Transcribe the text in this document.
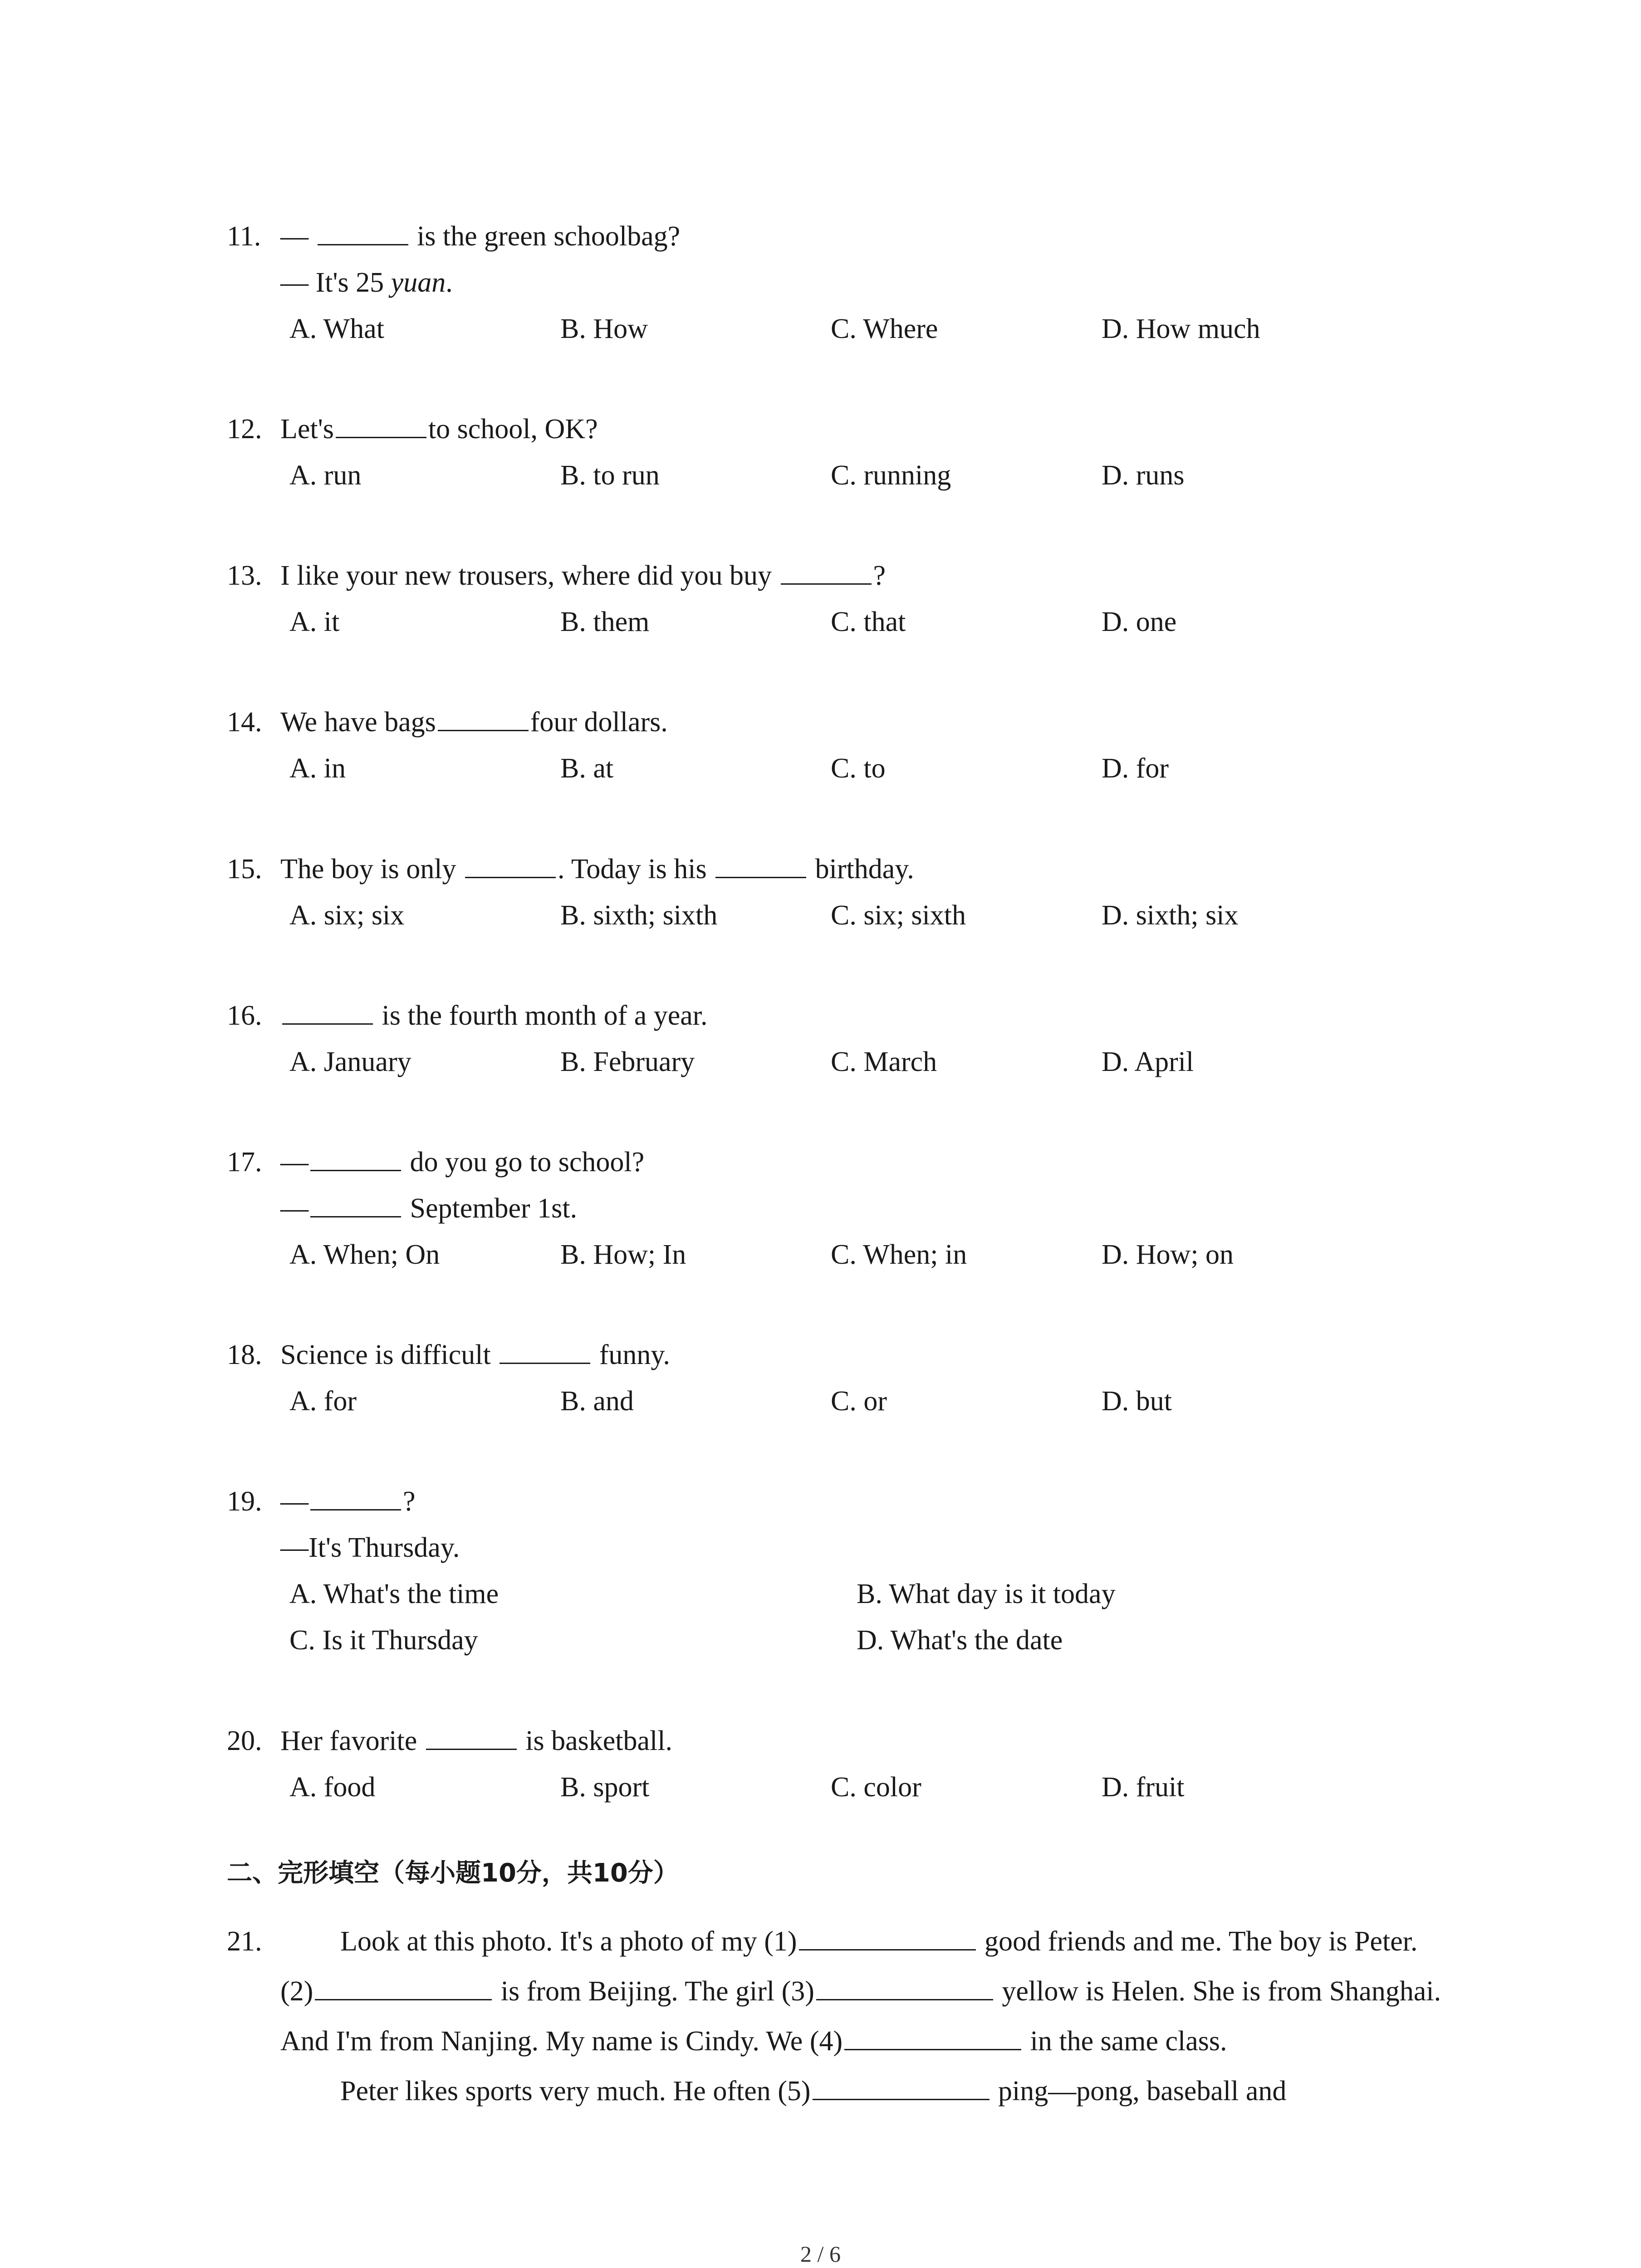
11. —	is the green schoolbag?
— It's 25 yuan.
A. What	B. How	C. Where	D. How much
12. Let's	to school, OK?
A. run	B. to run	C. running	D. runs
13. I like your new trousers, where did you buy	?
A. it	B. them	C. that	D. one
14. We have bags	four dollars.
A. in	B. at	C. to	D. for
15. The boy is only	. Today is his	birthday.
A. six; six	B. sixth; sixth	C. six; sixth	D. sixth; six
16.	is the fourth month of a year.
A. January	B. February	C. March	D. April
17. —	do you go to school?
—	September 1st.
A. When; On	B. How; In	C. When; in	D. How; on
18. Science is difficult	funny.
A. for	B. and	C. or	D. but
19. —	?
—It's Thursday.
A. What's the time	B. What day is it today
C. Is it Thursday	D. What's the date
20. Her favorite	is basketball.
A. food	B. sport	C. color	D. fruit
二、完形填空（每小题10分，共10分）
21.	Look at this photo. It's a photo of my (1)	good friends and me. The boy is Peter. (2)	is from Beijing. The girl (3)	yellow is Helen. She is from Shanghai. And I'm from Nanjing. My name is Cindy. We (4)	in the same class.
Peter likes sports very much. He often (5)	ping—pong, baseball and
2 / 6
